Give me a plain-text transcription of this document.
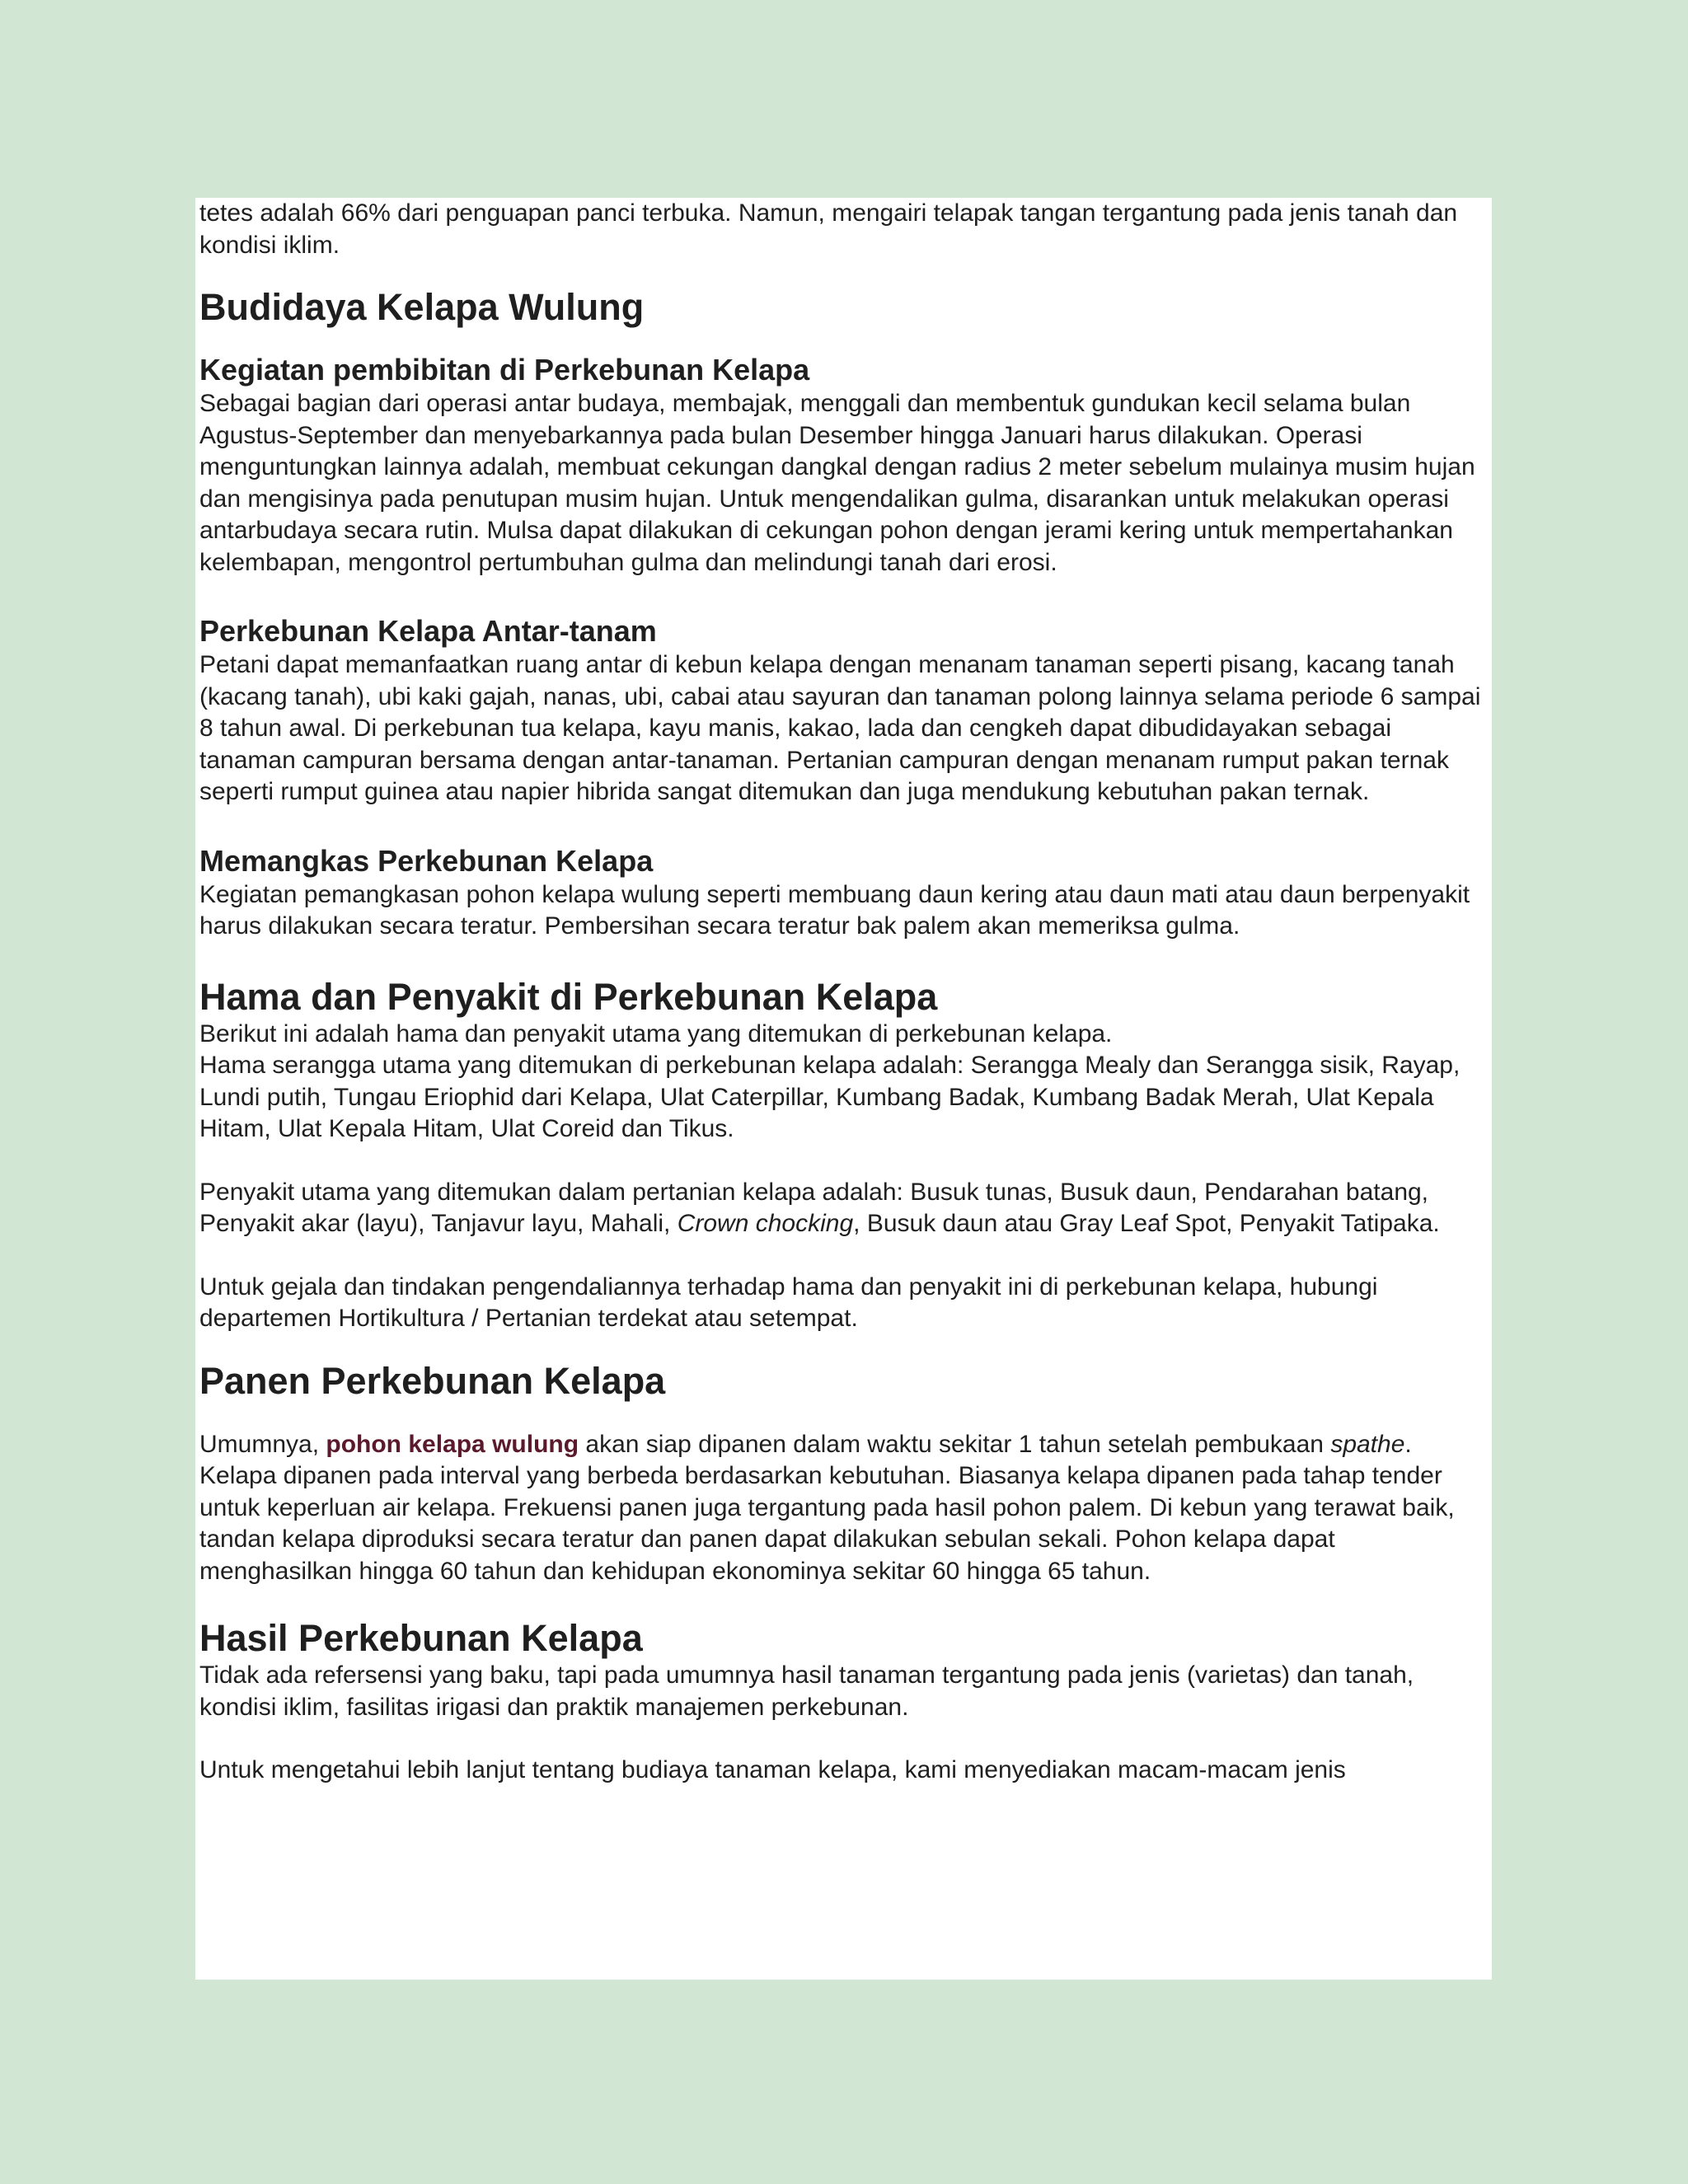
tetes adalah 66% dari penguapan panci terbuka. Namun, mengairi telapak tangan tergantung pada jenis tanah dan kondisi iklim.

Budidaya Kelapa Wulung
Kegiatan pembibitan di Perkebunan Kelapa

Sebagai bagian dari operasi antar budaya, membajak, menggali dan membentuk gundukan kecil selama bulan Agustus-September dan menyebarkannya pada bulan Desember hingga Januari harus dilakukan. Operasi menguntungkan lainnya adalah, membuat cekungan dangkal dengan radius 2 meter sebelum mulainya musim hujan dan mengisinya pada penutupan musim hujan. Untuk mengendalikan gulma, disarankan untuk melakukan operasi antarbudaya secara rutin. Mulsa dapat dilakukan di cekungan pohon dengan jerami kering untuk mempertahankan kelembapan, mengontrol pertumbuhan gulma dan melindungi tanah dari erosi.

Perkebunan Kelapa Antar-tanam

Petani dapat memanfaatkan ruang antar di kebun kelapa dengan menanam tanaman seperti pisang, kacang tanah (kacang tanah), ubi kaki gajah, nanas, ubi, cabai atau sayuran dan tanaman polong lainnya selama periode 6 sampai 8 tahun awal. Di perkebunan tua kelapa, kayu manis, kakao, lada dan cengkeh dapat dibudidayakan sebagai tanaman campuran bersama dengan antar-tanaman. Pertanian campuran dengan menanam rumput pakan ternak seperti rumput guinea atau napier hibrida sangat ditemukan dan juga mendukung kebutuhan pakan ternak.

Memangkas Perkebunan Kelapa

Kegiatan pemangkasan pohon kelapa wulung seperti membuang daun kering atau daun mati atau daun berpenyakit harus dilakukan secara teratur. Pembersihan secara teratur bak palem akan memeriksa gulma.

Hama dan Penyakit di Perkebunan Kelapa

Berikut ini adalah hama dan penyakit utama yang ditemukan di perkebunan kelapa.

Hama serangga utama yang ditemukan di perkebunan kelapa adalah: Serangga Mealy dan Serangga sisik, Rayap, Lundi putih, Tungau Eriophid dari Kelapa, Ulat Caterpillar, Kumbang Badak, Kumbang Badak Merah, Ulat Kepala Hitam, Ulat Kepala Hitam, Ulat Coreid dan Tikus.

Penyakit utama yang ditemukan dalam pertanian kelapa adalah: Busuk tunas, Busuk daun, Pendarahan batang, Penyakit akar (layu), Tanjavur layu, Mahali, Crown chocking, Busuk daun atau Gray Leaf Spot, Penyakit Tatipaka.

Untuk gejala dan tindakan pengendaliannya terhadap hama dan penyakit ini di perkebunan kelapa, hubungi departemen Hortikultura / Pertanian terdekat atau setempat.

Panen Perkebunan Kelapa

Umumnya, pohon kelapa wulung akan siap dipanen dalam waktu sekitar 1 tahun setelah pembukaan spathe. Kelapa dipanen pada interval yang berbeda berdasarkan kebutuhan. Biasanya kelapa dipanen pada tahap tender untuk keperluan air kelapa. Frekuensi panen juga tergantung pada hasil pohon palem. Di kebun yang terawat baik, tandan kelapa diproduksi secara teratur dan panen dapat dilakukan sebulan sekali. Pohon kelapa dapat menghasilkan hingga 60 tahun dan kehidupan ekonominya sekitar 60 hingga 65 tahun.

Hasil Perkebunan Kelapa

Tidak ada refersensi yang baku, tapi pada umumnya hasil tanaman tergantung pada jenis (varietas) dan tanah, kondisi iklim, fasilitas irigasi dan praktik manajemen perkebunan.

Untuk mengetahui lebih lanjut tentang budiaya tanaman kelapa, kami menyediakan macam-macam jenis
